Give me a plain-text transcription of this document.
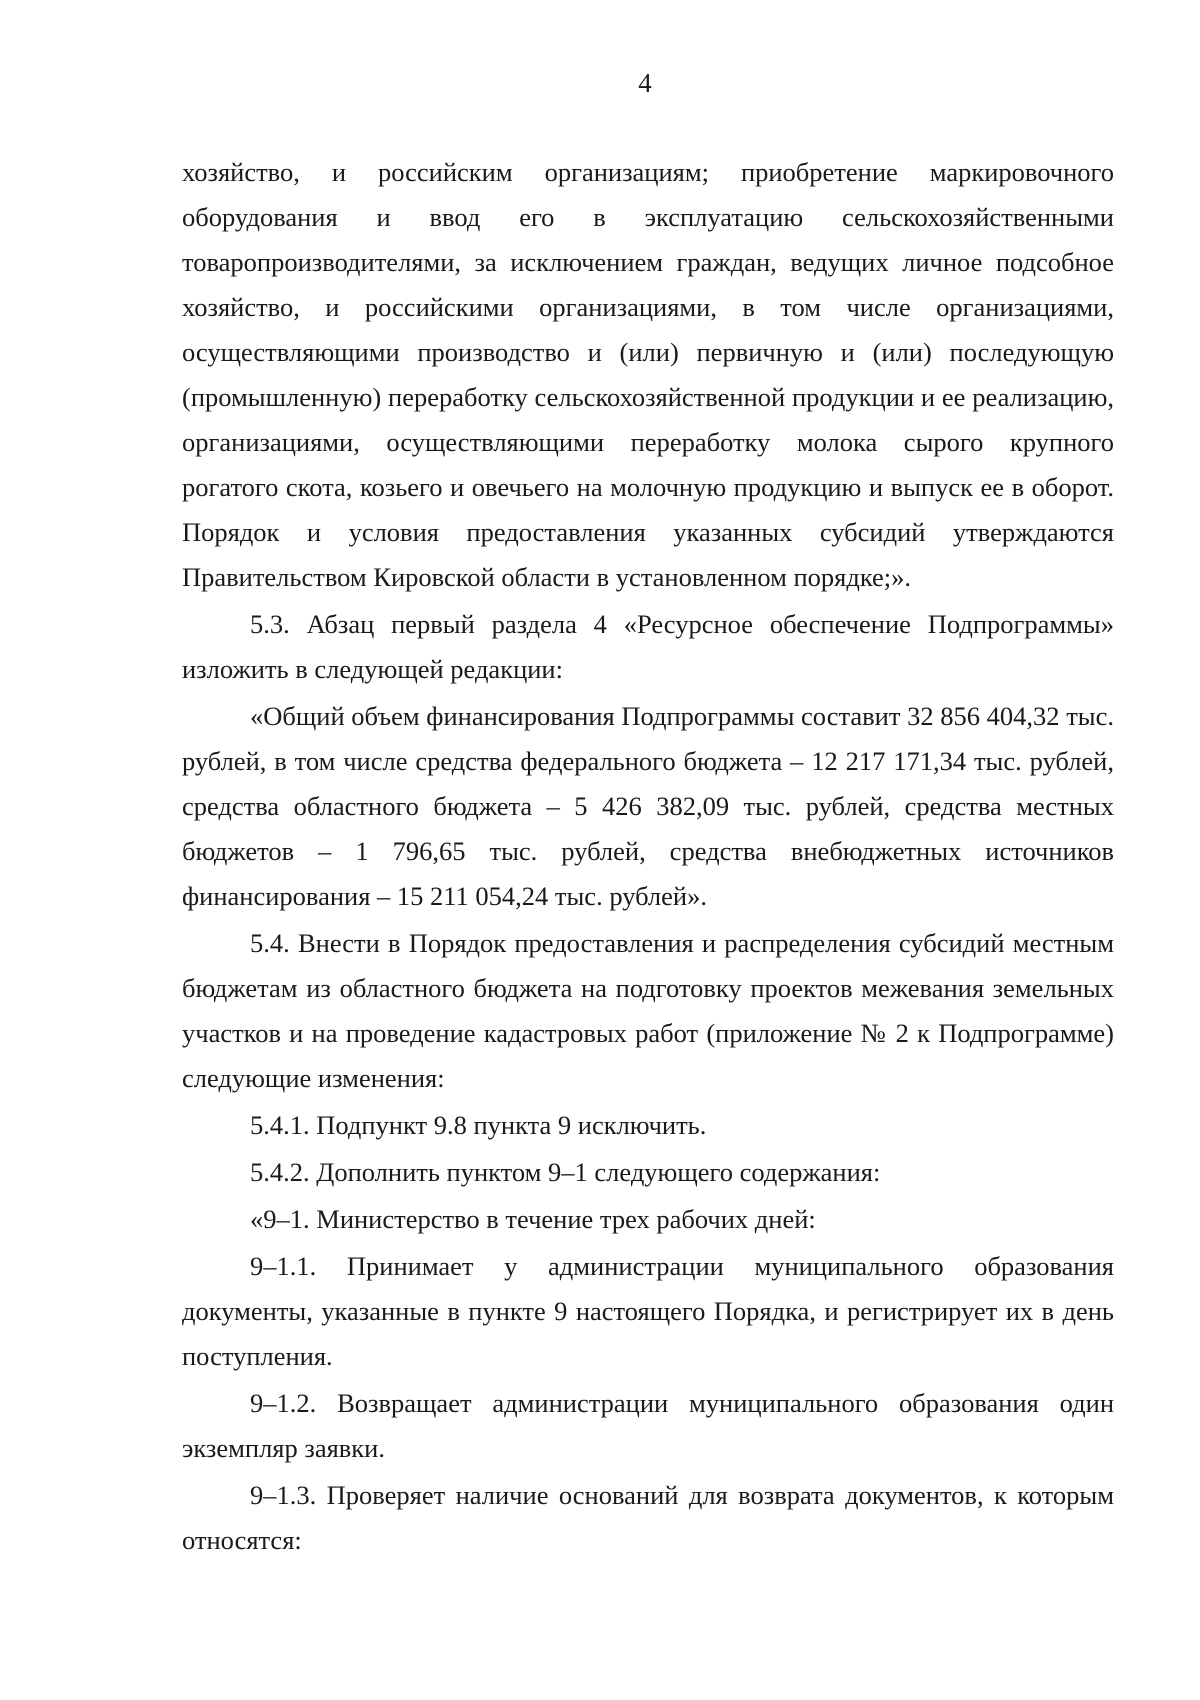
4

хозяйство, и российским организациям; приобретение маркировочного оборудования и ввод его в эксплуатацию сельскохозяйственными товаропроизводителями, за исключением граждан, ведущих личное подсобное хозяйство, и российскими организациями, в том числе организациями, осуществляющими производство и (или) первичную и (или) последующую (промышленную) переработку сельскохозяйственной продукции и ее реализацию, организациями, осуществляющими переработку молока сырого крупного рогатого скота, козьего и овечьего на молочную продукцию и выпуск ее в оборот. Порядок и условия предоставления указанных субсидий утверждаются Правительством Кировской области в установленном порядке;».

5.3. Абзац первый раздела 4 «Ресурсное обеспечение Подпрограммы» изложить в следующей редакции:

«Общий объем финансирования Подпрограммы составит 32 856 404,32 тыс. рублей, в том числе средства федерального бюджета – 12 217 171,34 тыс. рублей, средства областного бюджета – 5 426 382,09 тыс. рублей, средства местных бюджетов – 1 796,65 тыс. рублей, средства внебюджетных источников финансирования – 15 211 054,24 тыс. рублей».

5.4. Внести в Порядок предоставления и распределения субсидий местным бюджетам из областного бюджета на подготовку проектов межевания земельных участков и на проведение кадастровых работ (приложение № 2 к Подпрограмме) следующие изменения:

5.4.1. Подпункт 9.8 пункта 9 исключить.

5.4.2. Дополнить пунктом 9–1 следующего содержания:

«9–1. Министерство в течение трех рабочих дней:

9–1.1. Принимает у администрации муниципального образования документы, указанные в пункте 9 настоящего Порядка, и регистрирует их в день поступления.

9–1.2. Возвращает администрации муниципального образования один экземпляр заявки.

9–1.3. Проверяет наличие оснований для возврата документов, к которым относятся:
